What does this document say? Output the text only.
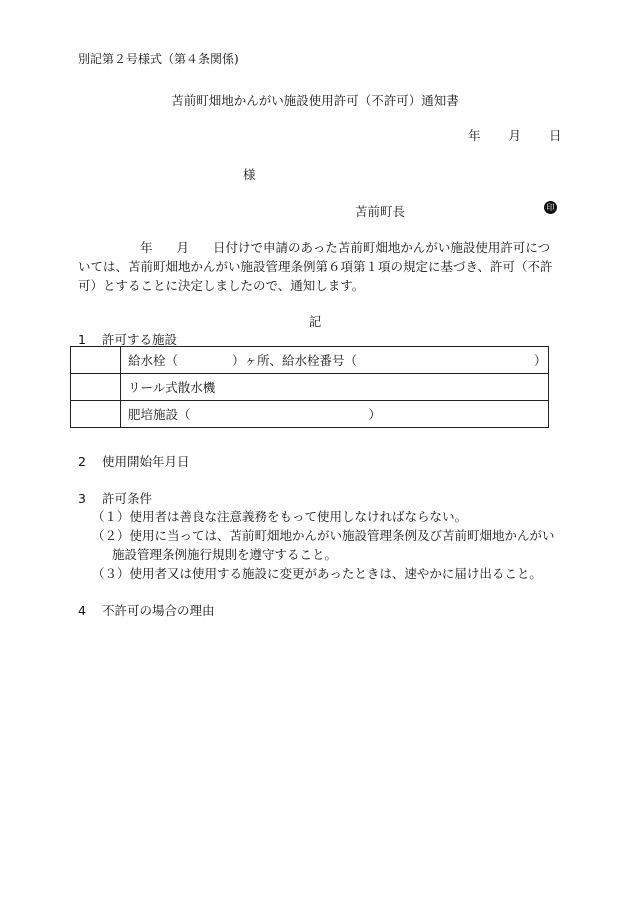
別記第２号様式（第４条関係)
苫前町畑地かんがい施設使用許可（不許可）通知書
年 月 日
様
苫前町長	印
年 月 日付けで申請のあった苫前町畑地かんがい施設使用許可につ
いては、苫前町畑地かんがい施設管理条例第６項第１項の規定に基づき、許可（不許
可）とすることに決定しましたので、通知します。
記
1 許可する施設
	給水栓（ ）ヶ所、給水栓番号（ ）
	リール式散水機
	肥培施設（ ）
2 使用開始年月日
3 許可条件
（１）使用者は善良な注意義務をもって使用しなければならない。
（２）使用に当っては、苫前町畑地かんがい施設管理条例及び苫前町畑地かんがい
施設管理条例施行規則を遵守すること。
（３）使用者又は使用する施設に変更があったときは、速やかに届け出ること。
4 不許可の場合の理由
